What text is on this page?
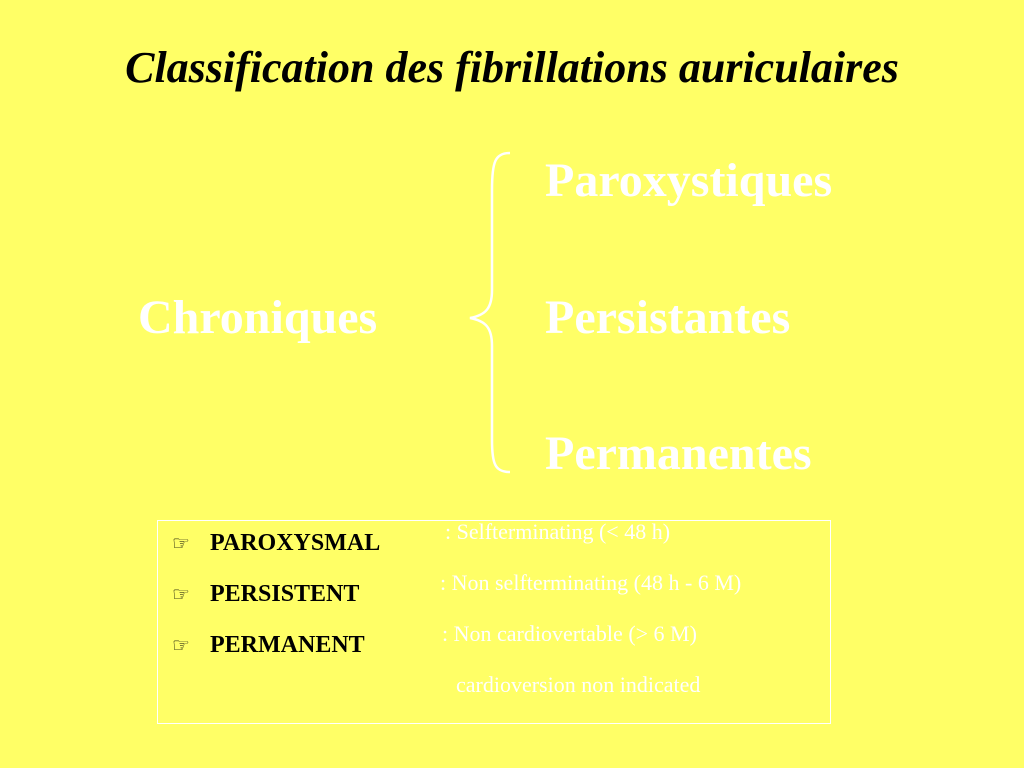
Classification des fibrillations auriculaires
Chroniques
Paroxystiques
Persistantes
Permanentes
☞ PAROXYSMAL
☞ PERSISTENT
☞ PERMANENT
: Selfterminating (< 48 h)
: Non selfterminating (48 h - 6 M)
: Non cardiovertable (> 6 M)
cardioversion non indicated
